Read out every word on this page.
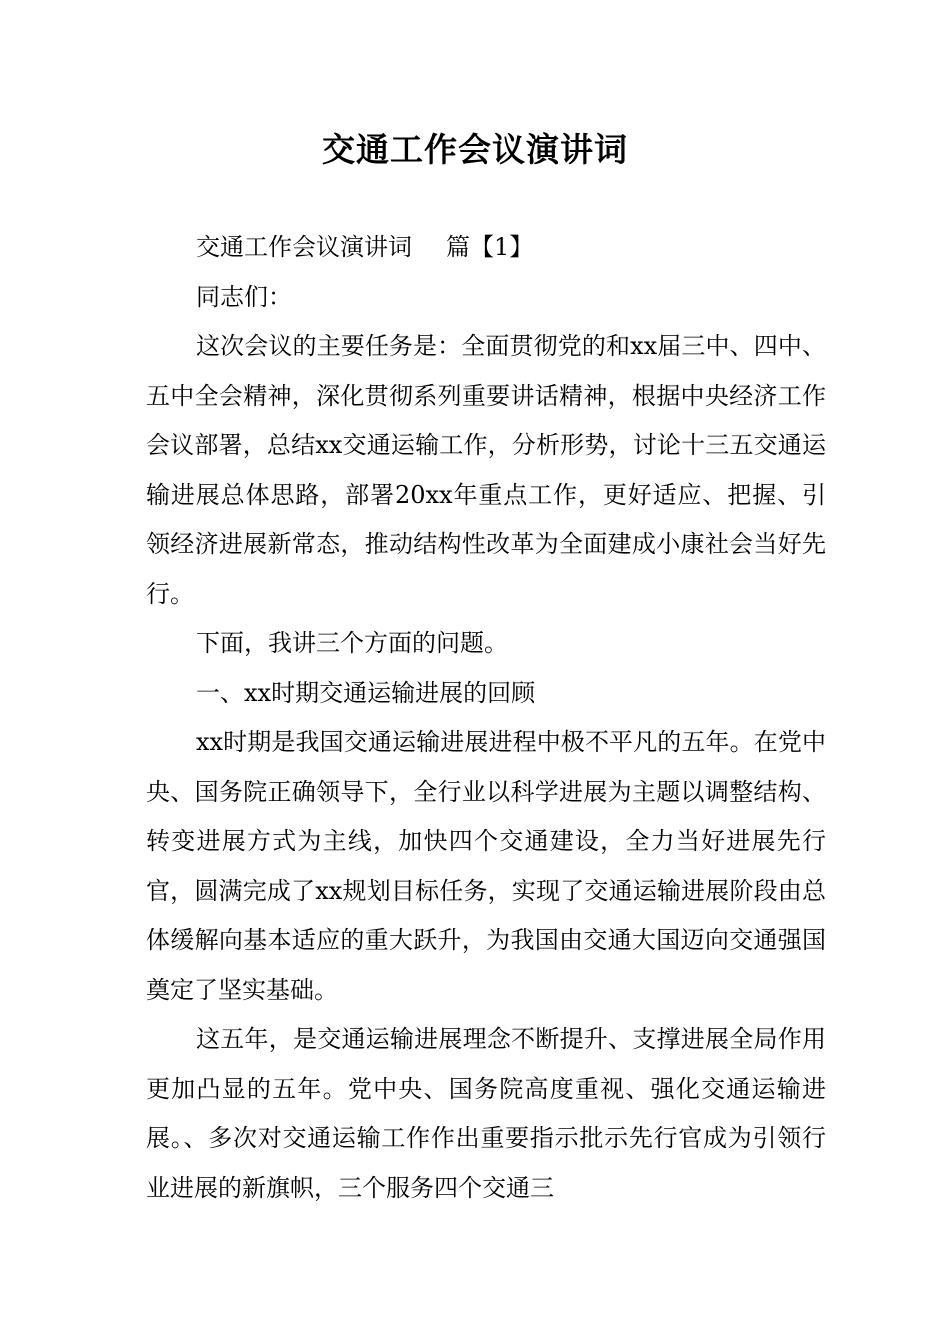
交通工作会议演讲词

交通工作会议演讲词 篇【1】

同志们：

这次会议的主要任务是：全面贯彻党的和xx届三中、四中、五中全会精神，深化贯彻系列重要讲话精神，根据中央经济工作会议部署，总结xx交通运输工作，分析形势，讨论十三五交通运输进展总体思路，部署20xx年重点工作，更好适应、把握、引领经济进展新常态，推动结构性改革为全面建成小康社会当好先行。

下面，我讲三个方面的问题。

一、xx时期交通运输进展的回顾

xx时期是我国交通运输进展进程中极不平凡的五年。在党中央、国务院正确领导下，全行业以科学进展为主题以调整结构、转变进展方式为主线，加快四个交通建设，全力当好进展先行官，圆满完成了xx规划目标任务，实现了交通运输进展阶段由总体缓解向基本适应的重大跃升，为我国由交通大国迈向交通强国奠定了坚实基础。

这五年，是交通运输进展理念不断提升、支撑进展全局作用更加凸显的五年。党中央、国务院高度重视、强化交通运输进展。、多次对交通运输工作作出重要指示批示先行官成为引领行业进展的新旗帜，三个服务四个交通三
